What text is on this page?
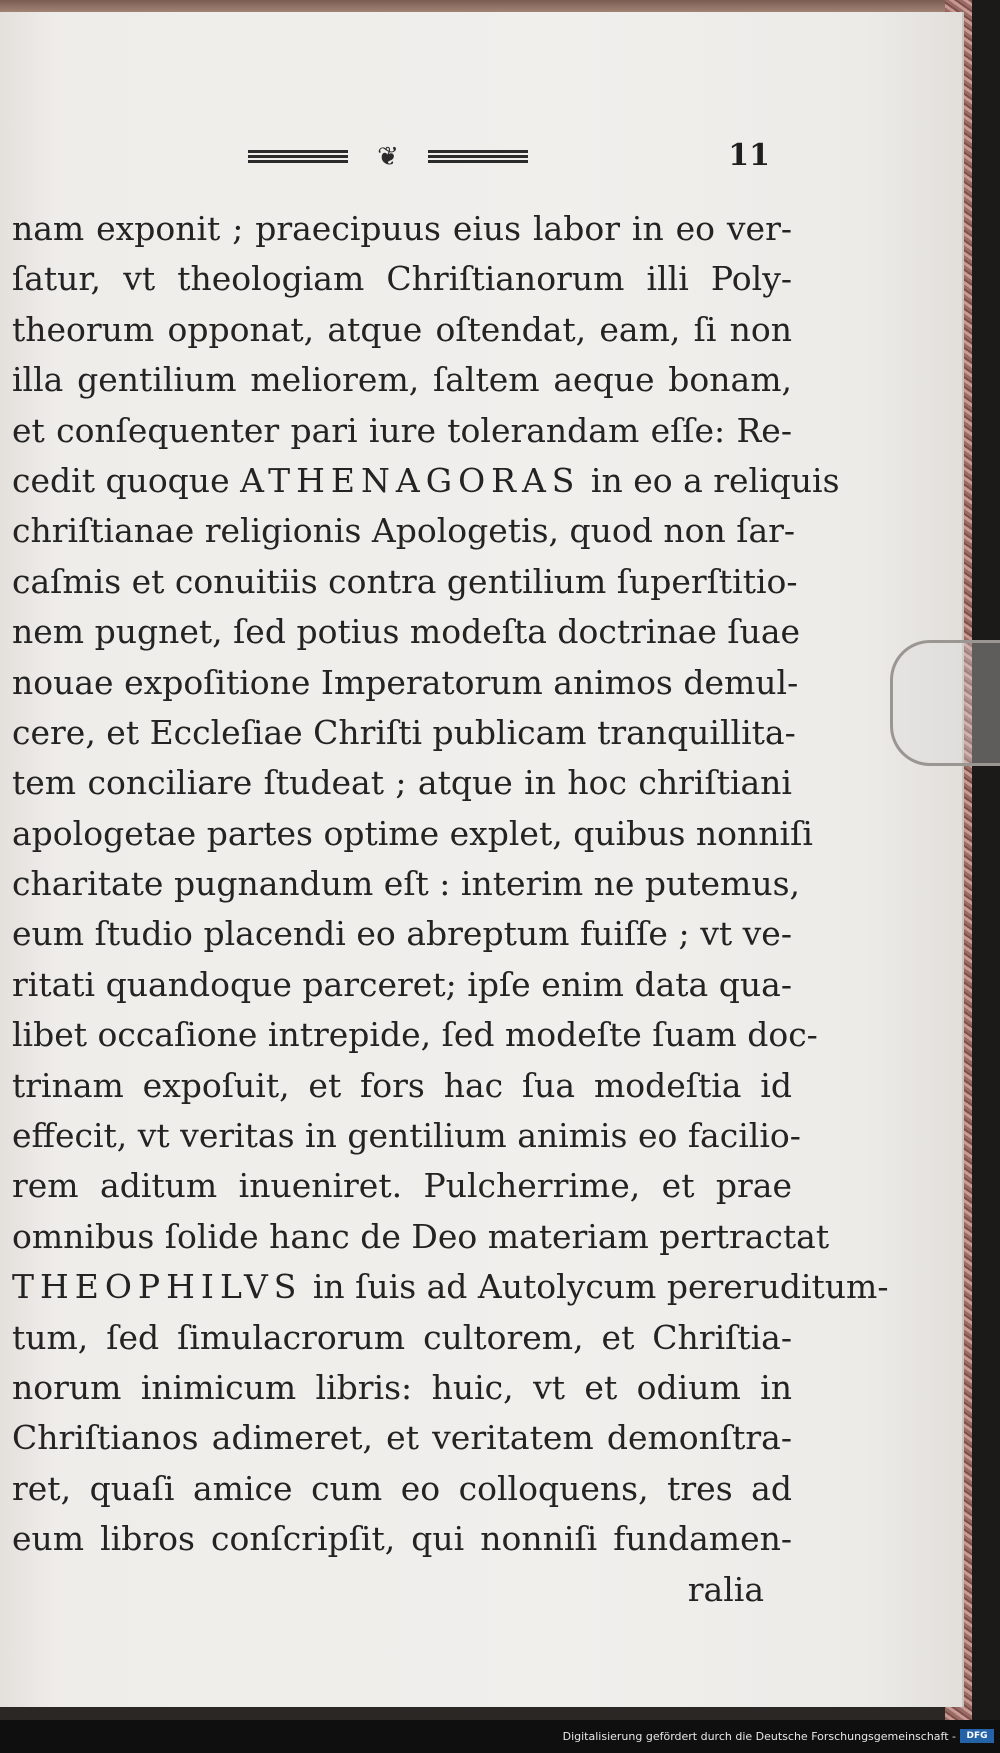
❦	11
nam exponit ; praecipuus eius labor in eo ver-
ſatur, vt theologiam Chriſtianorum illi Poly-
theorum opponat, atque oſtendat, eam, ſi non
illa gentilium meliorem, ſaltem aeque bonam,
et conſequenter pari iure tolerandam eſſe: Re-
cedit quoque ATHENAGORAS in eo a reliquis
chriſtianae religionis Apologetis, quod non ſar-
caſmis et conuitiis contra gentilium ſuperſtitio-
nem pugnet, ſed potius modeſta doctrinae ſuae
nouae expoſitione Imperatorum animos demul-
cere, et Eccleſiae Chriſti publicam tranquillita-
tem conciliare ſtudeat ; atque in hoc chriſtiani
apologetae partes optime explet, quibus nonniſi
charitate pugnandum eſt : interim ne putemus,
eum ſtudio placendi eo abreptum fuiſſe ; vt ve-
ritati quandoque parceret; ipſe enim data qua-
libet occaſione intrepide, ſed modeſte ſuam doc-
trinam expoſuit, et fors hac ſua modeſtia id
effecit, vt veritas in gentilium animis eo facilio-
rem aditum inueniret. Pulcherrime, et prae
omnibus ſolide hanc de Deo materiam pertractat
THEOPHILVS in ſuis ad Autolycum pereruditum-
tum, ſed ſimulacrorum cultorem, et Chriſtia-
norum inimicum libris: huic, vt et odium in
Chriſtianos adimeret, et veritatem demonſtra-
ret, quaſi amice cum eo colloquens, tres ad
eum libros conſcripſit, qui nonniſi fundamen-
ralia
Digitalisierung gefördert durch die Deutsche Forschungsgemeinschaft -	DFG
